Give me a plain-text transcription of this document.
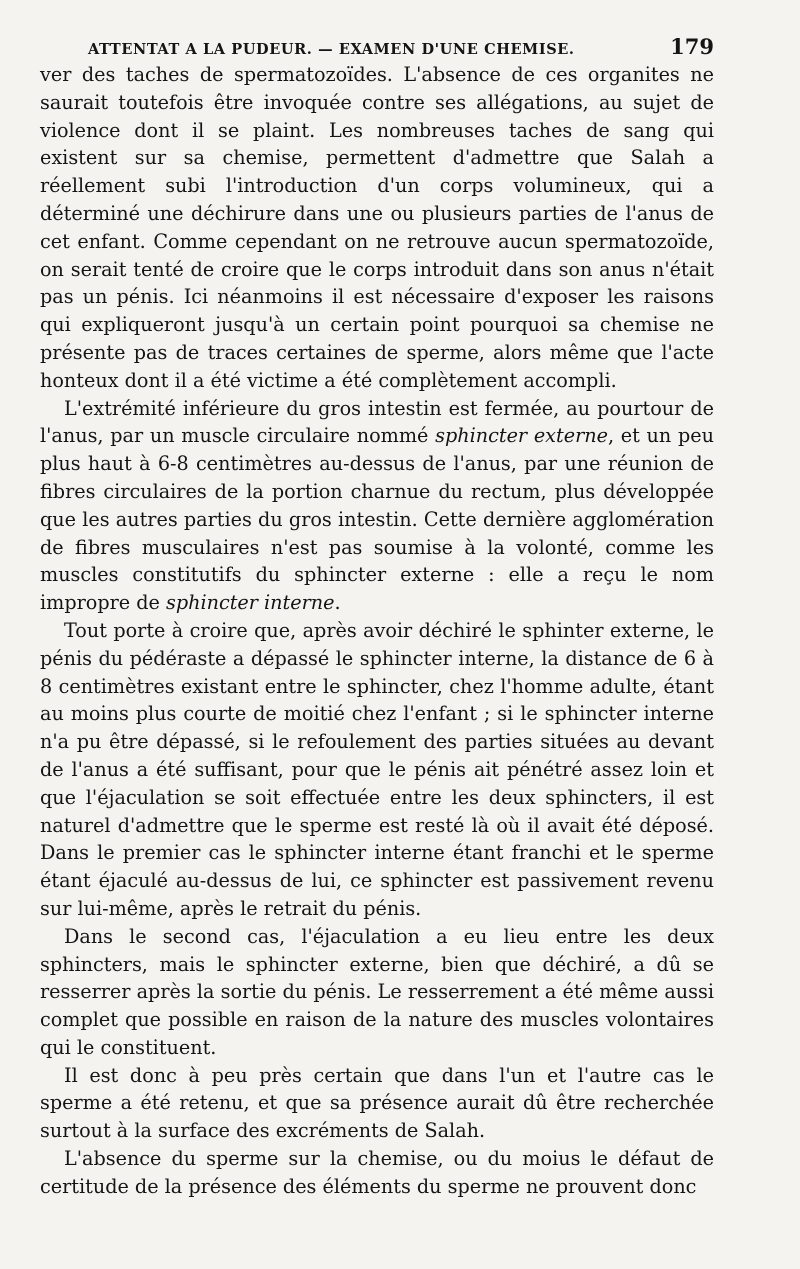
ATTENTAT A LA PUDEUR. — EXAMEN D'UNE CHEMISE.	179

ver des taches de spermatozoïdes. L'absence de ces organites ne saurait toutefois être invoquée contre ses allégations, au sujet de violence dont il se plaint. Les nombreuses taches de sang qui existent sur sa chemise, permettent d'admettre que Salah a réellement subi l'introduction d'un corps volumineux, qui a déterminé une déchirure dans une ou plusieurs parties de l'anus de cet enfant. Comme cependant on ne retrouve aucun spermatozoïde, on serait tenté de croire que le corps introduit dans son anus n'était pas un pénis. Ici néanmoins il est nécessaire d'exposer les raisons qui expliqueront jusqu'à un certain point pourquoi sa chemise ne présente pas de traces certaines de sperme, alors même que l'acte honteux dont il a été victime a été complètement accompli.

L'extrémité inférieure du gros intestin est fermée, au pourtour de l'anus, par un muscle circulaire nommé sphincter externe, et un peu plus haut à 6-8 centimètres au-dessus de l'anus, par une réunion de fibres circulaires de la portion charnue du rectum, plus développée que les autres parties du gros intestin. Cette dernière agglomération de fibres musculaires n'est pas soumise à la volonté, comme les muscles constitutifs du sphincter externe : elle a reçu le nom impropre de sphincter interne.

Tout porte à croire que, après avoir déchiré le sphinter externe, le pénis du pédéraste a dépassé le sphincter interne, la distance de 6 à 8 centimètres existant entre le sphincter, chez l'homme adulte, étant au moins plus courte de moitié chez l'enfant ; si le sphincter interne n'a pu être dépassé, si le refoulement des parties situées au devant de l'anus a été suffisant, pour que le pénis ait pénétré assez loin et que l'éjaculation se soit effectuée entre les deux sphincters, il est naturel d'admettre que le sperme est resté là où il avait été déposé. Dans le premier cas le sphincter interne étant franchi et le sperme étant éjaculé au-dessus de lui, ce sphincter est passivement revenu sur lui-même, après le retrait du pénis.

Dans le second cas, l'éjaculation a eu lieu entre les deux sphincters, mais le sphincter externe, bien que déchiré, a dû se resserrer après la sortie du pénis. Le resserrement a été même aussi complet que possible en raison de la nature des muscles volontaires qui le constituent.

Il est donc à peu près certain que dans l'un et l'autre cas le sperme a été retenu, et que sa présence aurait dû être recherchée surtout à la surface des excréments de Salah.

L'absence du sperme sur la chemise, ou du moius le défaut de certitude de la présence des éléments du sperme ne prouvent donc
